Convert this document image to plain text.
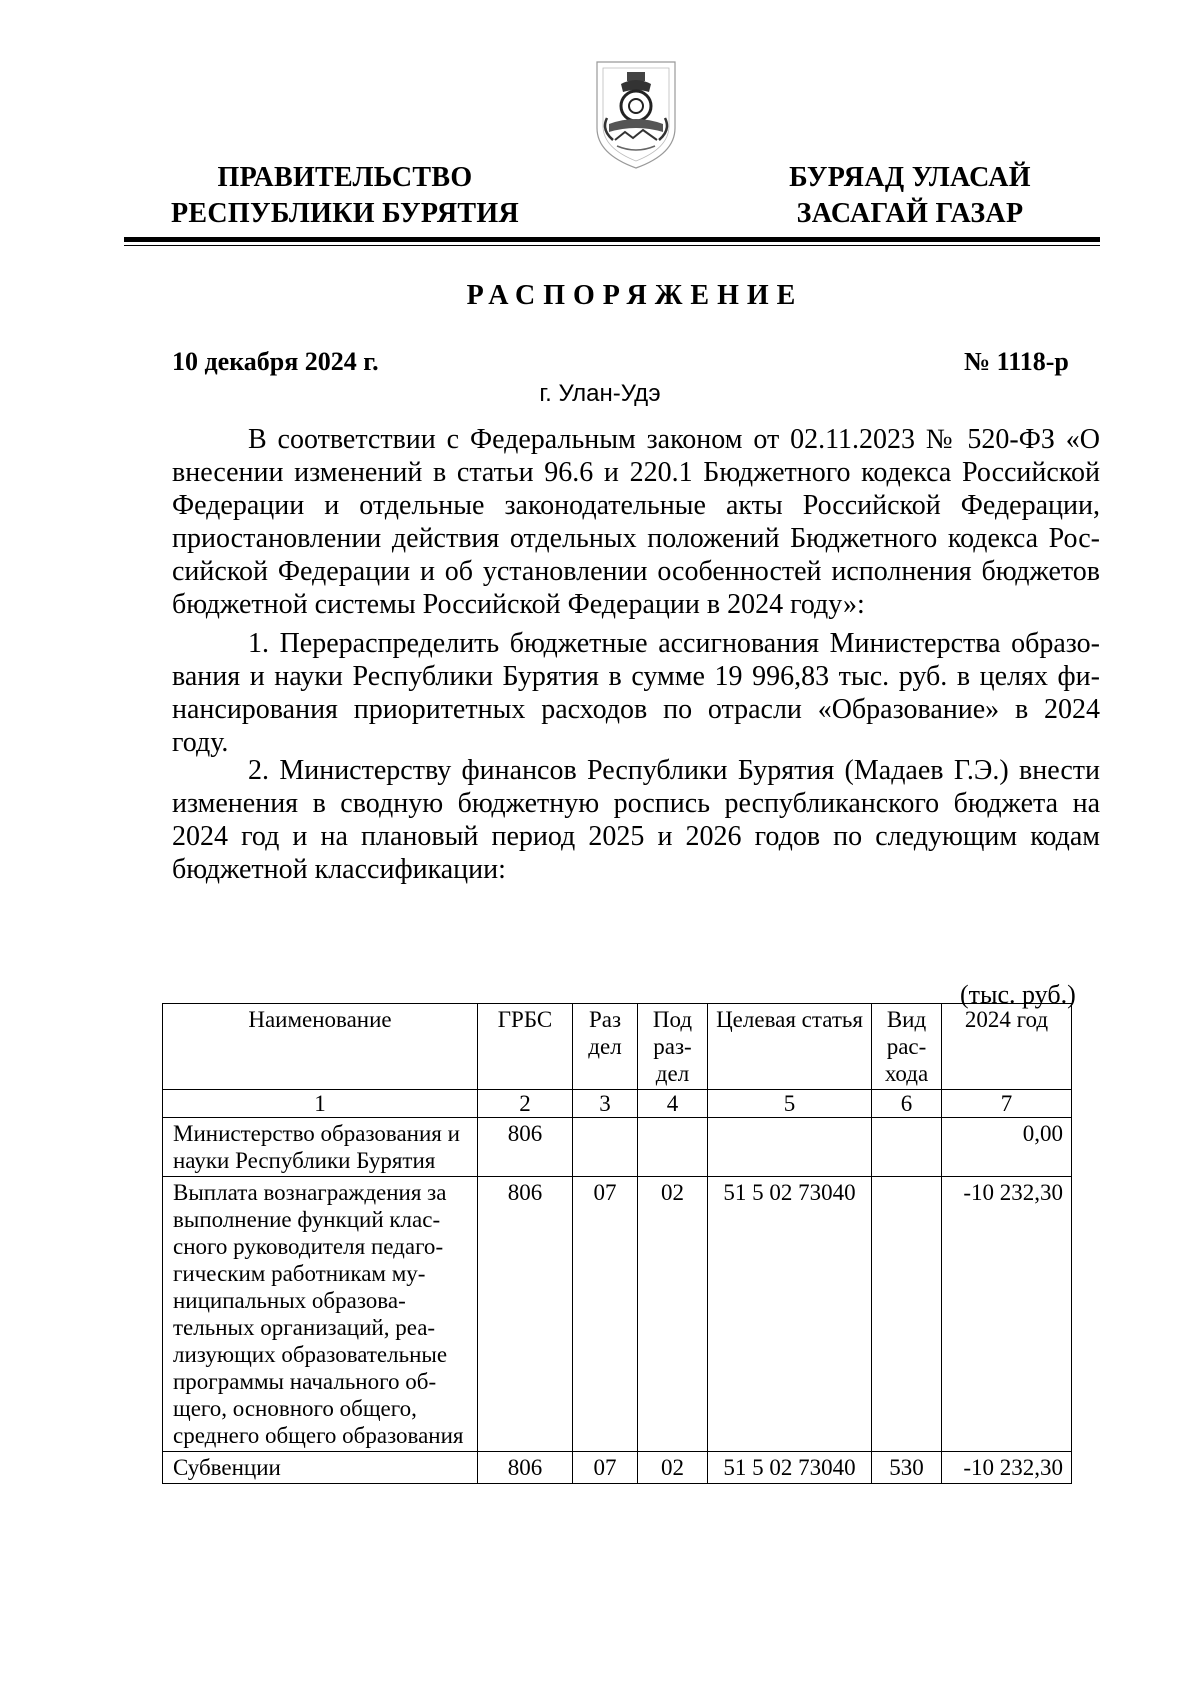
ПРАВИТЕЛЬСТВО
РЕСПУБЛИКИ БУРЯТИЯ
БУРЯАД УЛАСАЙ
ЗАСАГАЙ ГАЗАР
РАСПОРЯЖЕНИЕ
10 декабря 2024 г.	№ 1118-р
г. Улан-Удэ

В соответствии с Федеральным законом от 02.11.2023 № 520-ФЗ «О внесении изменений в статьи 96.6 и 220.1 Бюджетного кодекса Российской Федерации и отдельные законодательные акты Российской Федерации, приостановлении действия отдельных положений Бюджетного кодекса Российской Федерации и об установлении особенностей исполнения бюджетов бюджетной системы Российской Федерации в 2024 году»:

1. Перераспределить бюджетные ассигнования Министерства образования и науки Республики Бурятия в сумме 19 996,83 тыс. руб. в целях финансирования приоритетных расходов по отрасли «Образование» в 2024 году.

2. Министерству финансов Республики Бурятия (Мадаев Г.Э.) внести изменения в сводную бюджетную роспись республиканского бюджета на 2024 год и на плановый период 2025 и 2026 годов по следующим кодам бюджетной классификации:

(тыс. руб.)
Наименование	ГРБС	Раз дел	Под раз- дел	Целевая статья	Вид рас- хода	2024 год
1	2	3	4	5	6	7
Министерство образования и науки Республики Бурятия	806					0,00
Выплата вознаграждения за выполнение функций классного руководителя педагогическим работникам муниципальных образовательных организаций, реализующих образовательные программы начального общего, основного общего, среднего общего образования	806	07	02	51 5 02 73040		-10 232,30
Субвенции	806	07	02	51 5 02 73040	530	-10 232,30
